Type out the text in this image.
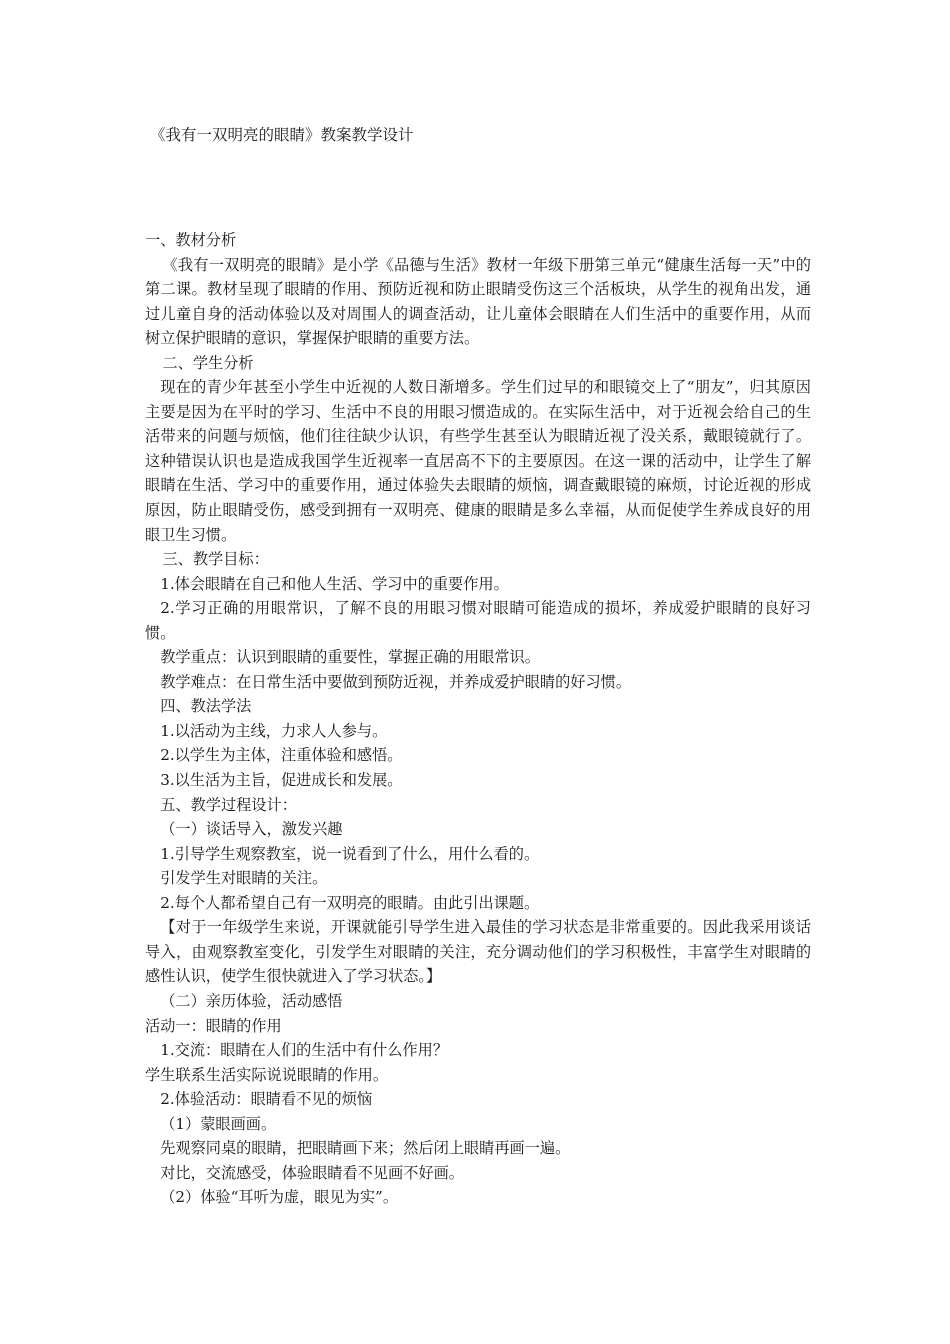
《我有一双明亮的眼睛》教案教学设计

一、教材分析

《我有一双明亮的眼睛》是小学《品德与生活》教材一年级下册第三单元“健康生活每一天”中的第二课。教材呈现了眼睛的作用、预防近视和防止眼睛受伤这三个活板块，从学生的视角出发，通过儿童自身的活动体验以及对周围人的调查活动，让儿童体会眼睛在人们生活中的重要作用，从而树立保护眼睛的意识，掌握保护眼睛的重要方法。

二、学生分析

现在的青少年甚至小学生中近视的人数日渐增多。学生们过早的和眼镜交上了“朋友”，归其原因主要是因为在平时的学习、生活中不良的用眼习惯造成的。在实际生活中，对于近视会给自己的生活带来的问题与烦恼，他们往往缺少认识，有些学生甚至认为眼睛近视了没关系，戴眼镜就行了。这种错误认识也是造成我国学生近视率一直居高不下的主要原因。在这一课的活动中，让学生了解眼睛在生活、学习中的重要作用，通过体验失去眼睛的烦恼，调查戴眼镜的麻烦，讨论近视的形成原因，防止眼睛受伤，感受到拥有一双明亮、健康的眼睛是多么幸福，从而促使学生养成良好的用眼卫生习惯。

三、教学目标：

1.体会眼睛在自己和他人生活、学习中的重要作用。

2.学习正确的用眼常识，了解不良的用眼习惯对眼睛可能造成的损坏，养成爱护眼睛的良好习惯。

教学重点：认识到眼睛的重要性，掌握正确的用眼常识。

教学难点：在日常生活中要做到预防近视，并养成爱护眼睛的好习惯。

四、教法学法

1.以活动为主线，力求人人参与。

2.以学生为主体，注重体验和感悟。

3.以生活为主旨，促进成长和发展。

五、教学过程设计：

（一）谈话导入，激发兴趣

1.引导学生观察教室，说一说看到了什么，用什么看的。

引发学生对眼睛的关注。

2.每个人都希望自己有一双明亮的眼睛。由此引出课题。

【对于一年级学生来说，开课就能引导学生进入最佳的学习状态是非常重要的。因此我采用谈话导入，由观察教室变化，引发学生对眼睛的关注，充分调动他们的学习积极性，丰富学生对眼睛的感性认识，使学生很快就进入了学习状态。】

（二）亲历体验，活动感悟

活动一：眼睛的作用

1.交流：眼睛在人们的生活中有什么作用？

学生联系生活实际说说眼睛的作用。

2.体验活动：眼睛看不见的烦恼

（1）蒙眼画画。

先观察同桌的眼睛，把眼睛画下来；然后闭上眼睛再画一遍。

对比，交流感受，体验眼睛看不见画不好画。

（2）体验“耳听为虚，眼见为实”。
